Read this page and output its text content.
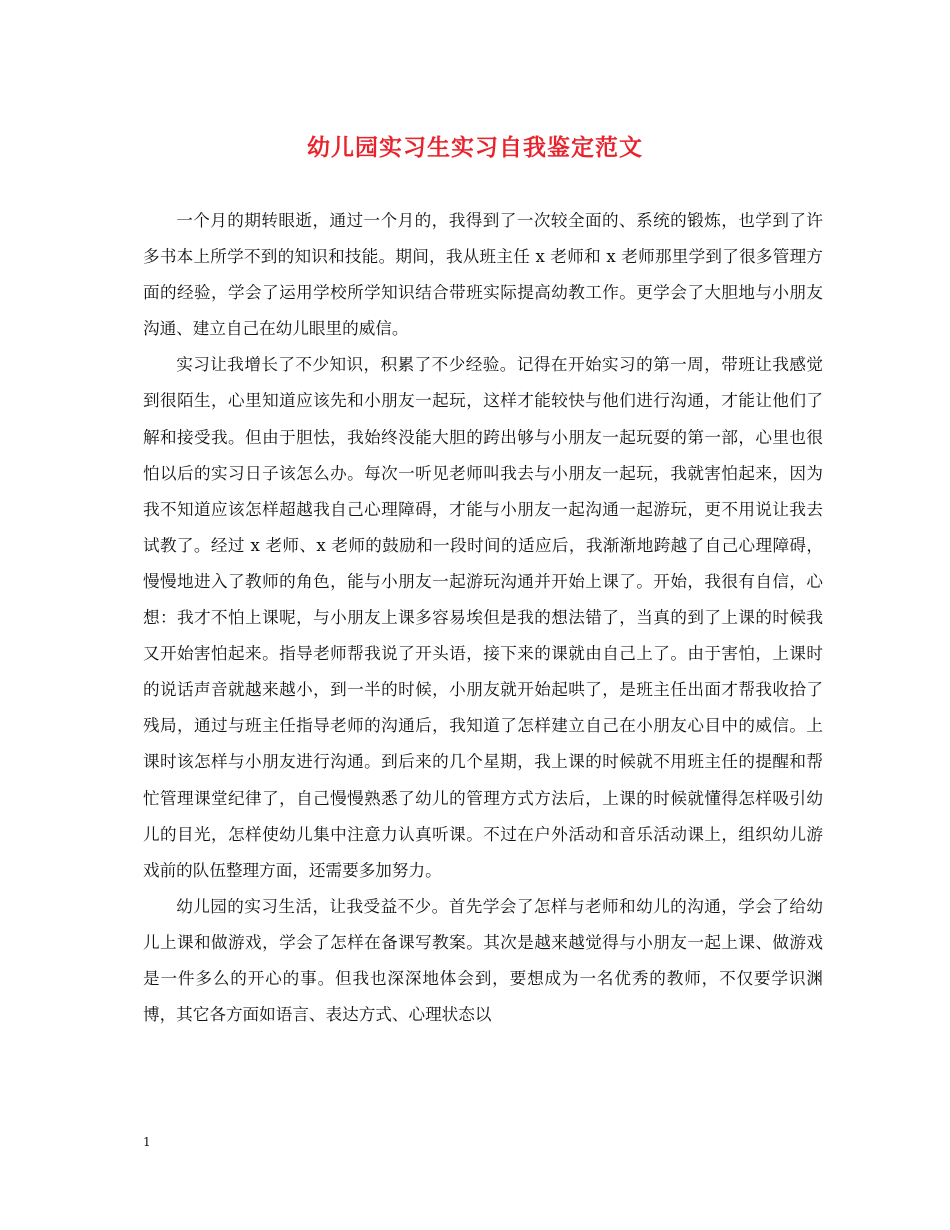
幼儿园实习生实习自我鉴定范文

一个月的期转眼逝，通过一个月的，我得到了一次较全面的、系统的锻炼，也学到了许多书本上所学不到的知识和技能。期间，我从班主任 x 老师和 x 老师那里学到了很多管理方面的经验，学会了运用学校所学知识结合带班实际提高幼教工作。更学会了大胆地与小朋友沟通、建立自己在幼儿眼里的威信。

实习让我增长了不少知识，积累了不少经验。记得在开始实习的第一周，带班让我感觉到很陌生，心里知道应该先和小朋友一起玩，这样才能较快与他们进行沟通，才能让他们了解和接受我。但由于胆怯，我始终没能大胆的跨出够与小朋友一起玩耍的第一部，心里也很怕以后的实习日子该怎么办。每次一听见老师叫我去与小朋友一起玩，我就害怕起来，因为我不知道应该怎样超越我自己心理障碍，才能与小朋友一起沟通一起游玩，更不用说让我去试教了。经过 x 老师、x 老师的鼓励和一段时间的适应后，我渐渐地跨越了自己心理障碍，慢慢地进入了教师的角色，能与小朋友一起游玩沟通并开始上课了。开始，我很有自信，心想：我才不怕上课呢，与小朋友上课多容易埃但是我的想法错了，当真的到了上课的时候我又开始害怕起来。指导老师帮我说了开头语，接下来的课就由自己上了。由于害怕，上课时的说话声音就越来越小，到一半的时候，小朋友就开始起哄了，是班主任出面才帮我收拾了残局，通过与班主任指导老师的沟通后，我知道了怎样建立自己在小朋友心目中的威信。上课时该怎样与小朋友进行沟通。到后来的几个星期，我上课的时候就不用班主任的提醒和帮忙管理课堂纪律了，自己慢慢熟悉了幼儿的管理方式方法后，上课的时候就懂得怎样吸引幼儿的目光，怎样使幼儿集中注意力认真听课。不过在户外活动和音乐活动课上，组织幼儿游戏前的队伍整理方面，还需要多加努力。

幼儿园的实习生活，让我受益不少。首先学会了怎样与老师和幼儿的沟通，学会了给幼儿上课和做游戏，学会了怎样在备课写教案。其次是越来越觉得与小朋友一起上课、做游戏是一件多么的开心的事。但我也深深地体会到，要想成为一名优秀的教师，不仅要学识渊博，其它各方面如语言、表达方式、心理状态以

1
